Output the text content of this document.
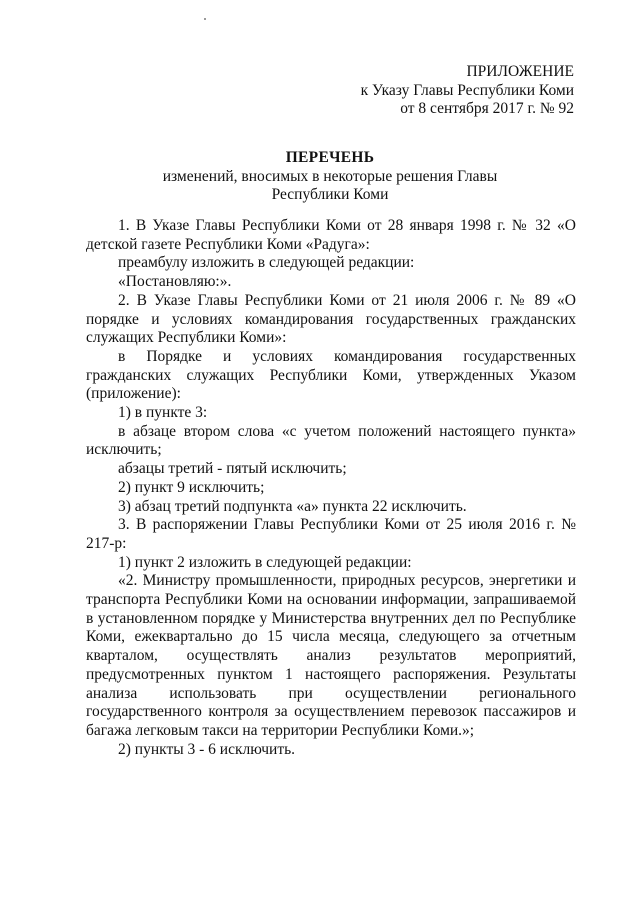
ПРИЛОЖЕНИЕ
к Указу Главы Республики Коми
от 8 сентября 2017 г. № 92
ПЕРЕЧЕНЬ
изменений, вносимых в некоторые решения Главы
Республики Коми

1. В Указе Главы Республики Коми от 28 января 1998 г. № 32 «О детской газете Республики Коми «Радуга»:

преамбулу изложить в следующей редакции:

«Постановляю:».

2. В Указе Главы Республики Коми от 21 июля 2006 г. № 89 «О порядке и условиях командирования государственных гражданских служащих Республики Коми»:

в Порядке и условиях командирования государственных гражданских служащих Республики Коми, утвержденных Указом (приложение):

1) в пункте 3:

в абзаце втором слова «с учетом положений настоящего пункта» исключить;

абзацы третий - пятый исключить;

2) пункт 9 исключить;

3) абзац третий подпункта «а» пункта 22 исключить.

3. В распоряжении Главы Республики Коми от 25 июля 2016 г. № 217-р:

1) пункт 2 изложить в следующей редакции:

«2. Министру промышленности, природных ресурсов, энергетики и транспорта Республики Коми на основании информации, запрашиваемой в установленном порядке у Министерства внутренних дел по Республике Коми, ежеквартально до 15 числа месяца, следующего за отчетным кварталом, осуществлять анализ результатов мероприятий, предусмотренных пунктом 1 настоящего распоряжения. Результаты анализа использовать при осуществлении регионального государственного контроля за осуществлением перевозок пассажиров и багажа легковым такси на территории Республики Коми.»;

2) пункты 3 - 6 исключить.
